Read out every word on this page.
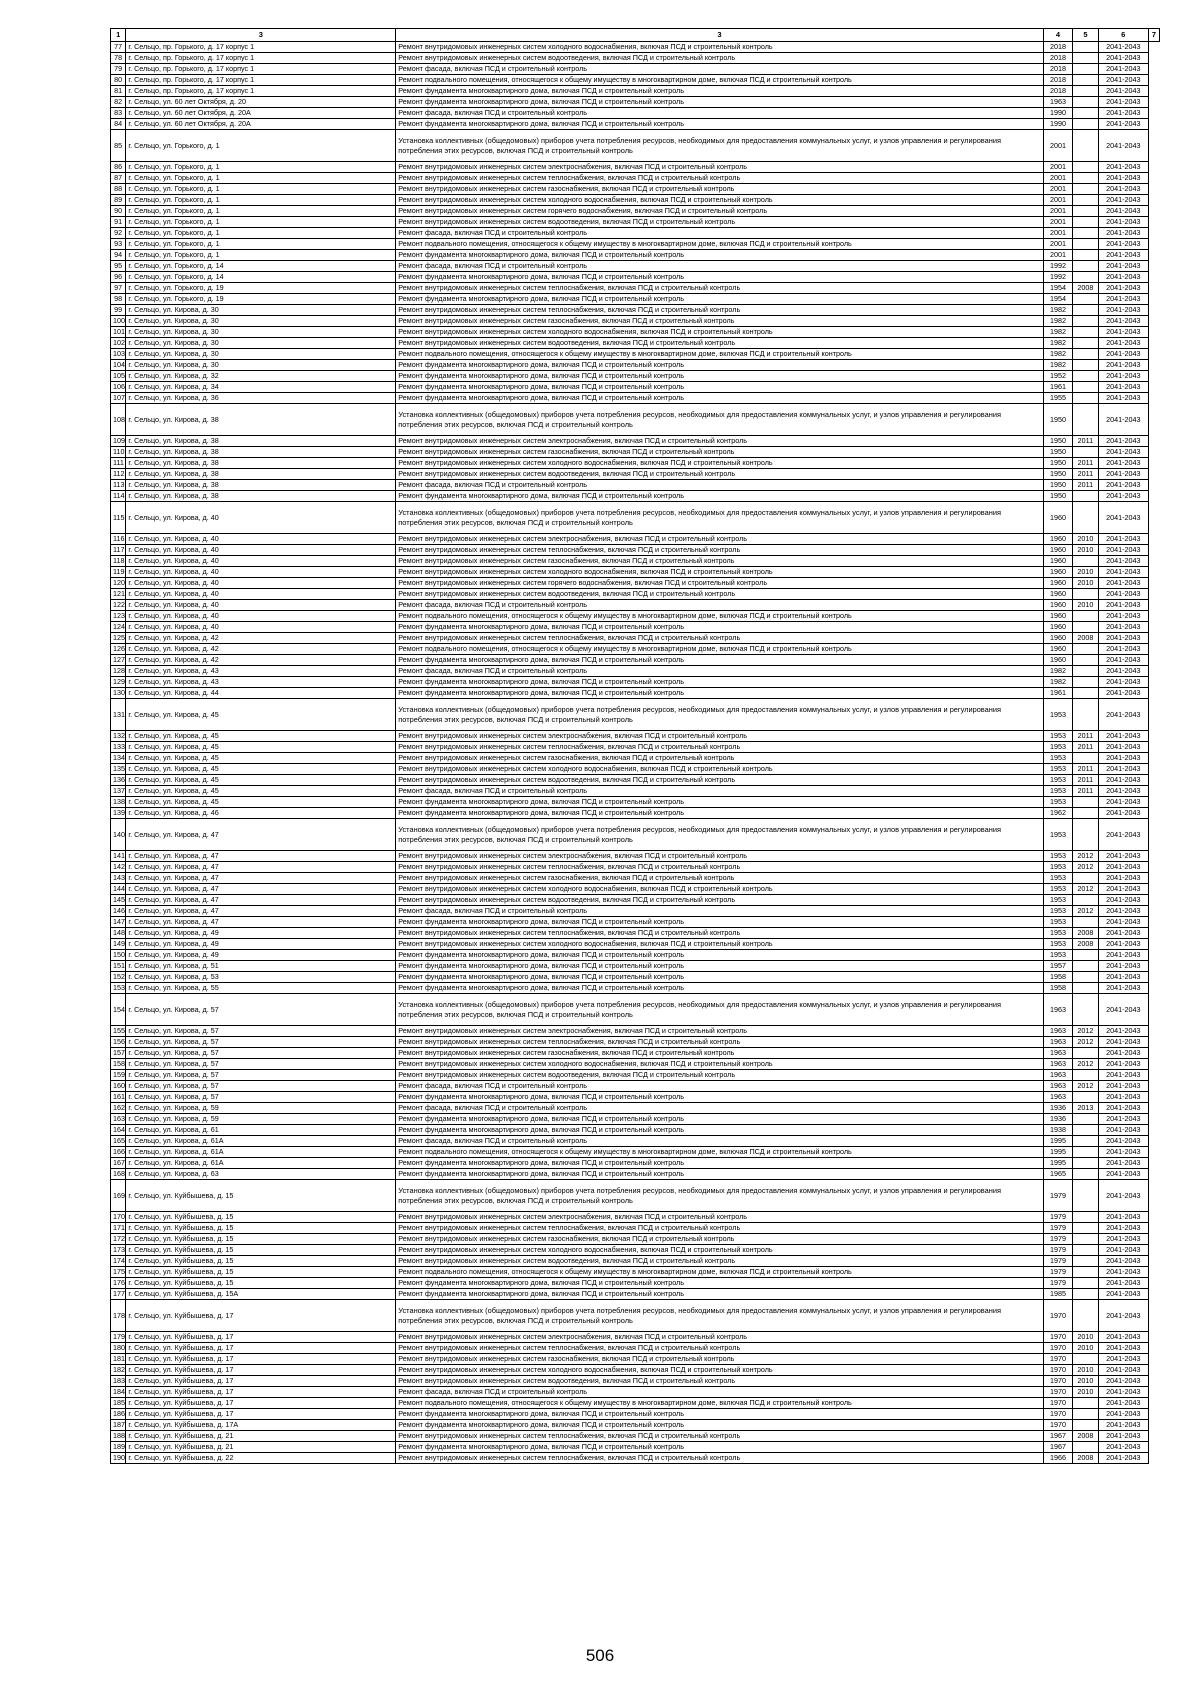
1	3	3	4	5	6	7
77	г. Сельцо, пр. Горького, д. 17 корпус 1	Ремонт внутридомовых инженерных систем холодного водоснабжения, включая ПСД и строительный контроль	2018		2041-2043	
78	г. Сельцо, пр. Горького, д. 17 корпус 1	Ремонт внутридомовых инженерных систем водоотведения, включая ПСД и строительный контроль	2018		2041-2043	
79	г. Сельцо, пр. Горького, д. 17 корпус 1	Ремонт фасада, включая ПСД и строительный контроль	2018		2041-2043	
80	г. Сельцо, пр. Горького, д. 17 корпус 1	Ремонт подвального помещения, относящегося к общему имуществу в многоквартирном доме, включая ПСД и строительный контроль	2018		2041-2043	
81	г. Сельцо, пр. Горького, д. 17 корпус 1	Ремонт фундамента многоквартирного дома, включая ПСД и строительный контроль	2018		2041-2043	
82	г. Сельцо, ул. 60 лет Октября, д. 20	Ремонт фундамента многоквартирного дома, включая ПСД и строительный контроль	1963		2041-2043	
83	г. Сельцо, ул. 60 лет Октября, д. 20А	Ремонт фасада, включая ПСД и строительный контроль	1990		2041-2043	
84	г. Сельцо, ул. 60 лет Октября, д. 20А	Ремонт фундамента многоквартирного дома, включая ПСД и строительный контроль	1990		2041-2043	
85	г. Сельцо, ул. Горького, д. 1	Установка коллективных (общедомовых) приборов учета потребления ресурсов, необходимых для предоставления коммунальных услуг, и узлов управления и регулирования потребления этих ресурсов, включая ПСД и строительный контроль	2001		2041-2043	
86	г. Сельцо, ул. Горького, д. 1	Ремонт внутридомовых инженерных систем электроснабжения, включая ПСД и строительный контроль	2001		2041-2043	
87	г. Сельцо, ул. Горького, д. 1	Ремонт внутридомовых инженерных систем теплоснабжения, включая ПСД и строительный контроль	2001		2041-2043	
88	г. Сельцо, ул. Горького, д. 1	Ремонт внутридомовых инженерных систем газоснабжения, включая ПСД и строительный контроль	2001		2041-2043	
89	г. Сельцо, ул. Горького, д. 1	Ремонт внутридомовых инженерных систем холодного водоснабжения, включая ПСД и строительный контроль	2001		2041-2043	
90	г. Сельцо, ул. Горького, д. 1	Ремонт внутридомовых инженерных систем горячего водоснабжения, включая ПСД и строительный контроль	2001		2041-2043	
91	г. Сельцо, ул. Горького, д. 1	Ремонт внутридомовых инженерных систем водоотведения, включая ПСД и строительный контроль	2001		2041-2043	
92	г. Сельцо, ул. Горького, д. 1	Ремонт фасада, включая ПСД и строительный контроль	2001		2041-2043	
93	г. Сельцо, ул. Горького, д. 1	Ремонт подвального помещения, относящегося к общему имуществу в многоквартирном доме, включая ПСД и строительный контроль	2001		2041-2043	
94	г. Сельцо, ул. Горького, д. 1	Ремонт фундамента многоквартирного дома, включая ПСД и строительный контроль	2001		2041-2043	
95	г. Сельцо, ул. Горького, д. 14	Ремонт фасада, включая ПСД и строительный контроль	1992		2041-2043	
96	г. Сельцо, ул. Горького, д. 14	Ремонт фундамента многоквартирного дома, включая ПСД и строительный контроль	1992		2041-2043	
97	г. Сельцо, ул. Горького, д. 19	Ремонт внутридомовых инженерных систем теплоснабжения, включая ПСД и строительный контроль	1954	2008	2041-2043	
98	г. Сельцо, ул. Горького, д. 19	Ремонт фундамента многоквартирного дома, включая ПСД и строительный контроль	1954		2041-2043	
99	г. Сельцо, ул. Кирова, д. 30	Ремонт внутридомовых инженерных систем теплоснабжения, включая ПСД и строительный контроль	1982		2041-2043	
100	г. Сельцо, ул. Кирова, д. 30	Ремонт внутридомовых инженерных систем газоснабжения, включая ПСД и строительный контроль	1982		2041-2043	
101	г. Сельцо, ул. Кирова, д. 30	Ремонт внутридомовых инженерных систем холодного водоснабжения, включая ПСД и строительный контроль	1982		2041-2043	
102	г. Сельцо, ул. Кирова, д. 30	Ремонт внутридомовых инженерных систем водоотведения, включая ПСД и строительный контроль	1982		2041-2043	
103	г. Сельцо, ул. Кирова, д. 30	Ремонт подвального помещения, относящегося к общему имуществу в многоквартирном доме, включая ПСД и строительный контроль	1982		2041-2043	
104	г. Сельцо, ул. Кирова, д. 30	Ремонт фундамента многоквартирного дома, включая ПСД и строительный контроль	1982		2041-2043	
105	г. Сельцо, ул. Кирова, д. 32	Ремонт фундамента многоквартирного дома, включая ПСД и строительный контроль	1952		2041-2043	
106	г. Сельцо, ул. Кирова, д. 34	Ремонт фундамента многоквартирного дома, включая ПСД и строительный контроль	1961		2041-2043	
107	г. Сельцо, ул. Кирова, д. 36	Ремонт фундамента многоквартирного дома, включая ПСД и строительный контроль	1955		2041-2043	
108	г. Сельцо, ул. Кирова, д. 38	Установка коллективных (общедомовых) приборов учета потребления ресурсов, необходимых для предоставления коммунальных услуг, и узлов управления и регулирования потребления этих ресурсов, включая ПСД и строительный контроль	1950		2041-2043	
109	г. Сельцо, ул. Кирова, д. 38	Ремонт внутридомовых инженерных систем электроснабжения, включая ПСД и строительный контроль	1950	2011	2041-2043	
110	г. Сельцо, ул. Кирова, д. 38	Ремонт внутридомовых инженерных систем газоснабжения, включая ПСД и строительный контроль	1950		2041-2043	
111	г. Сельцо, ул. Кирова, д. 38	Ремонт внутридомовых инженерных систем холодного водоснабжения, включая ПСД и строительный контроль	1950	2011	2041-2043	
112	г. Сельцо, ул. Кирова, д. 38	Ремонт внутридомовых инженерных систем водоотведения, включая ПСД и строительный контроль	1950	2011	2041-2043	
113	г. Сельцо, ул. Кирова, д. 38	Ремонт фасада, включая ПСД и строительный контроль	1950	2011	2041-2043	
114	г. Сельцо, ул. Кирова, д. 38	Ремонт фундамента многоквартирного дома, включая ПСД и строительный контроль	1950		2041-2043	
115	г. Сельцо, ул. Кирова, д. 40	Установка коллективных (общедомовых) приборов учета потребления ресурсов, необходимых для предоставления коммунальных услуг, и узлов управления и регулирования потребления этих ресурсов, включая ПСД и строительный контроль	1960		2041-2043	
116	г. Сельцо, ул. Кирова, д. 40	Ремонт внутридомовых инженерных систем электроснабжения, включая ПСД и строительный контроль	1960	2010	2041-2043	
117	г. Сельцо, ул. Кирова, д. 40	Ремонт внутридомовых инженерных систем теплоснабжения, включая ПСД и строительный контроль	1960	2010	2041-2043	
118	г. Сельцо, ул. Кирова, д. 40	Ремонт внутридомовых инженерных систем газоснабжения, включая ПСД и строительный контроль	1960		2041-2043	
119	г. Сельцо, ул. Кирова, д. 40	Ремонт внутридомовых инженерных систем холодного водоснабжения, включая ПСД и строительный контроль	1960	2010	2041-2043	
120	г. Сельцо, ул. Кирова, д. 40	Ремонт внутридомовых инженерных систем горячего водоснабжения, включая ПСД и строительный контроль	1960	2010	2041-2043	
121	г. Сельцо, ул. Кирова, д. 40	Ремонт внутридомовых инженерных систем водоотведения, включая ПСД и строительный контроль	1960		2041-2043	
122	г. Сельцо, ул. Кирова, д. 40	Ремонт фасада, включая ПСД и строительный контроль	1960	2010	2041-2043	
123	г. Сельцо, ул. Кирова, д. 40	Ремонт подвального помещения, относящегося к общему имуществу в многоквартирном доме, включая ПСД и строительный контроль	1960		2041-2043	
124	г. Сельцо, ул. Кирова, д. 40	Ремонт фундамента многоквартирного дома, включая ПСД и строительный контроль	1960		2041-2043	
125	г. Сельцо, ул. Кирова, д. 42	Ремонт внутридомовых инженерных систем теплоснабжения, включая ПСД и строительный контроль	1960	2008	2041-2043	
126	г. Сельцо, ул. Кирова, д. 42	Ремонт подвального помещения, относящегося к общему имуществу в многоквартирном доме, включая ПСД и строительный контроль	1960		2041-2043	
127	г. Сельцо, ул. Кирова, д. 42	Ремонт фундамента многоквартирного дома, включая ПСД и строительный контроль	1960		2041-2043	
128	г. Сельцо, ул. Кирова, д. 43	Ремонт фасада, включая ПСД и строительный контроль	1982		2041-2043	
129	г. Сельцо, ул. Кирова, д. 43	Ремонт фундамента многоквартирного дома, включая ПСД и строительный контроль	1982		2041-2043	
130	г. Сельцо, ул. Кирова, д. 44	Ремонт фундамента многоквартирного дома, включая ПСД и строительный контроль	1961		2041-2043	
131	г. Сельцо, ул. Кирова, д. 45	Установка коллективных (общедомовых) приборов учета потребления ресурсов, необходимых для предоставления коммунальных услуг, и узлов управления и регулирования потребления этих ресурсов, включая ПСД и строительный контроль	1953		2041-2043	
132	г. Сельцо, ул. Кирова, д. 45	Ремонт внутридомовых инженерных систем электроснабжения, включая ПСД и строительный контроль	1953	2011	2041-2043	
133	г. Сельцо, ул. Кирова, д. 45	Ремонт внутридомовых инженерных систем теплоснабжения, включая ПСД и строительный контроль	1953	2011	2041-2043	
134	г. Сельцо, ул. Кирова, д. 45	Ремонт внутридомовых инженерных систем газоснабжения, включая ПСД и строительный контроль	1953		2041-2043	
135	г. Сельцо, ул. Кирова, д. 45	Ремонт внутридомовых инженерных систем холодного водоснабжения, включая ПСД и строительный контроль	1953	2011	2041-2043	
136	г. Сельцо, ул. Кирова, д. 45	Ремонт внутридомовых инженерных систем водоотведения, включая ПСД и строительный контроль	1953	2011	2041-2043	
137	г. Сельцо, ул. Кирова, д. 45	Ремонт фасада, включая ПСД и строительный контроль	1953	2011	2041-2043	
138	г. Сельцо, ул. Кирова, д. 45	Ремонт фундамента многоквартирного дома, включая ПСД и строительный контроль	1953		2041-2043	
139	г. Сельцо, ул. Кирова, д. 46	Ремонт фундамента многоквартирного дома, включая ПСД и строительный контроль	1962		2041-2043	
140	г. Сельцо, ул. Кирова, д. 47	Установка коллективных (общедомовых) приборов учета потребления ресурсов, необходимых для предоставления коммунальных услуг, и узлов управления и регулирования потребления этих ресурсов, включая ПСД и строительный контроль	1953		2041-2043	
141	г. Сельцо, ул. Кирова, д. 47	Ремонт внутридомовых инженерных систем электроснабжения, включая ПСД и строительный контроль	1953	2012	2041-2043	
142	г. Сельцо, ул. Кирова, д. 47	Ремонт внутридомовых инженерных систем теплоснабжения, включая ПСД и строительный контроль	1953	2012	2041-2043	
143	г. Сельцо, ул. Кирова, д. 47	Ремонт внутридомовых инженерных систем газоснабжения, включая ПСД и строительный контроль	1953		2041-2043	
144	г. Сельцо, ул. Кирова, д. 47	Ремонт внутридомовых инженерных систем холодного водоснабжения, включая ПСД и строительный контроль	1953	2012	2041-2043	
145	г. Сельцо, ул. Кирова, д. 47	Ремонт внутридомовых инженерных систем водоотведения, включая ПСД и строительный контроль	1953		2041-2043	
146	г. Сельцо, ул. Кирова, д. 47	Ремонт фасада, включая ПСД и строительный контроль	1953	2012	2041-2043	
147	г. Сельцо, ул. Кирова, д. 47	Ремонт фундамента многоквартирного дома, включая ПСД и строительный контроль	1953		2041-2043	
148	г. Сельцо, ул. Кирова, д. 49	Ремонт внутридомовых инженерных систем теплоснабжения, включая ПСД и строительный контроль	1953	2008	2041-2043	
149	г. Сельцо, ул. Кирова, д. 49	Ремонт внутридомовых инженерных систем холодного водоснабжения, включая ПСД и строительный контроль	1953	2008	2041-2043	
150	г. Сельцо, ул. Кирова, д. 49	Ремонт фундамента многоквартирного дома, включая ПСД и строительный контроль	1953		2041-2043	
151	г. Сельцо, ул. Кирова, д. 51	Ремонт фундамента многоквартирного дома, включая ПСД и строительный контроль	1957		2041-2043	
152	г. Сельцо, ул. Кирова, д. 53	Ремонт фундамента многоквартирного дома, включая ПСД и строительный контроль	1958		2041-2043	
153	г. Сельцо, ул. Кирова, д. 55	Ремонт фундамента многоквартирного дома, включая ПСД и строительный контроль	1958		2041-2043	
154	г. Сельцо, ул. Кирова, д. 57	Установка коллективных (общедомовых) приборов учета потребления ресурсов, необходимых для предоставления коммунальных услуг, и узлов управления и регулирования потребления этих ресурсов, включая ПСД и строительный контроль	1963		2041-2043	
155	г. Сельцо, ул. Кирова, д. 57	Ремонт внутридомовых инженерных систем электроснабжения, включая ПСД и строительный контроль	1963	2012	2041-2043	
156	г. Сельцо, ул. Кирова, д. 57	Ремонт внутридомовых инженерных систем теплоснабжения, включая ПСД и строительный контроль	1963	2012	2041-2043	
157	г. Сельцо, ул. Кирова, д. 57	Ремонт внутридомовых инженерных систем газоснабжения, включая ПСД и строительный контроль	1963		2041-2043	
158	г. Сельцо, ул. Кирова, д. 57	Ремонт внутридомовых инженерных систем холодного водоснабжения, включая ПСД и строительный контроль	1963	2012	2041-2043	
159	г. Сельцо, ул. Кирова, д. 57	Ремонт внутридомовых инженерных систем водоотведения, включая ПСД и строительный контроль	1963		2041-2043	
160	г. Сельцо, ул. Кирова, д. 57	Ремонт фасада, включая ПСД и строительный контроль	1963	2012	2041-2043	
161	г. Сельцо, ул. Кирова, д. 57	Ремонт фундамента многоквартирного дома, включая ПСД и строительный контроль	1963		2041-2043	
162	г. Сельцо, ул. Кирова, д. 59	Ремонт фасада, включая ПСД и строительный контроль	1936	2013	2041-2043	
163	г. Сельцо, ул. Кирова, д. 59	Ремонт фундамента многоквартирного дома, включая ПСД и строительный контроль	1936		2041-2043	
164	г. Сельцо, ул. Кирова, д. 61	Ремонт фундамента многоквартирного дома, включая ПСД и строительный контроль	1938		2041-2043	
165	г. Сельцо, ул. Кирова, д. 61А	Ремонт фасада, включая ПСД и строительный контроль	1995		2041-2043	
166	г. Сельцо, ул. Кирова, д. 61А	Ремонт подвального помещения, относящегося к общему имуществу в многоквартирном доме, включая ПСД и строительный контроль	1995		2041-2043	
167	г. Сельцо, ул. Кирова, д. 61А	Ремонт фундамента многоквартирного дома, включая ПСД и строительный контроль	1995		2041-2043	
168	г. Сельцо, ул. Кирова, д. 63	Ремонт фундамента многоквартирного дома, включая ПСД и строительный контроль	1965		2041-2043	
169	г. Сельцо, ул. Куйбышева, д. 15	Установка коллективных (общедомовых) приборов учета потребления ресурсов, необходимых для предоставления коммунальных услуг, и узлов управления и регулирования потребления этих ресурсов, включая ПСД и строительный контроль	1979		2041-2043	
170	г. Сельцо, ул. Куйбышева, д. 15	Ремонт внутридомовых инженерных систем электроснабжения, включая ПСД и строительный контроль	1979		2041-2043	
171	г. Сельцо, ул. Куйбышева, д. 15	Ремонт внутридомовых инженерных систем теплоснабжения, включая ПСД и строительный контроль	1979		2041-2043	
172	г. Сельцо, ул. Куйбышева, д. 15	Ремонт внутридомовых инженерных систем газоснабжения, включая ПСД и строительный контроль	1979		2041-2043	
173	г. Сельцо, ул. Куйбышева, д. 15	Ремонт внутридомовых инженерных систем холодного водоснабжения, включая ПСД и строительный контроль	1979		2041-2043	
174	г. Сельцо, ул. Куйбышева, д. 15	Ремонт внутридомовых инженерных систем водоотведения, включая ПСД и строительный контроль	1979		2041-2043	
175	г. Сельцо, ул. Куйбышева, д. 15	Ремонт подвального помещения, относящегося к общему имуществу в многоквартирном доме, включая ПСД и строительный контроль	1979		2041-2043	
176	г. Сельцо, ул. Куйбышева, д. 15	Ремонт фундамента многоквартирного дома, включая ПСД и строительный контроль	1979		2041-2043	
177	г. Сельцо, ул. Куйбышева, д. 15А	Ремонт фундамента многоквартирного дома, включая ПСД и строительный контроль	1985		2041-2043	
178	г. Сельцо, ул. Куйбышева, д. 17	Установка коллективных (общедомовых) приборов учета потребления ресурсов, необходимых для предоставления коммунальных услуг, и узлов управления и регулирования потребления этих ресурсов, включая ПСД и строительный контроль	1970		2041-2043	
179	г. Сельцо, ул. Куйбышева, д. 17	Ремонт внутридомовых инженерных систем электроснабжения, включая ПСД и строительный контроль	1970	2010	2041-2043	
180	г. Сельцо, ул. Куйбышева, д. 17	Ремонт внутридомовых инженерных систем теплоснабжения, включая ПСД и строительный контроль	1970	2010	2041-2043	
181	г. Сельцо, ул. Куйбышева, д. 17	Ремонт внутридомовых инженерных систем газоснабжения, включая ПСД и строительный контроль	1970		2041-2043	
182	г. Сельцо, ул. Куйбышева, д. 17	Ремонт внутридомовых инженерных систем холодного водоснабжения, включая ПСД и строительный контроль	1970	2010	2041-2043	
183	г. Сельцо, ул. Куйбышева, д. 17	Ремонт внутридомовых инженерных систем водоотведения, включая ПСД и строительный контроль	1970	2010	2041-2043	
184	г. Сельцо, ул. Куйбышева, д. 17	Ремонт фасада, включая ПСД и строительный контроль	1970	2010	2041-2043	
185	г. Сельцо, ул. Куйбышева, д. 17	Ремонт подвального помещения, относящегося к общему имуществу в многоквартирном доме, включая ПСД и строительный контроль	1970		2041-2043	
186	г. Сельцо, ул. Куйбышева, д. 17	Ремонт фундамента многоквартирного дома, включая ПСД и строительный контроль	1970		2041-2043	
187	г. Сельцо, ул. Куйбышева, д. 17А	Ремонт фундамента многоквартирного дома, включая ПСД и строительный контроль	1970		2041-2043	
188	г. Сельцо, ул. Куйбышева, д. 21	Ремонт внутридомовых инженерных систем теплоснабжения, включая ПСД и строительный контроль	1967	2008	2041-2043	
189	г. Сельцо, ул. Куйбышева, д. 21	Ремонт фундамента многоквартирного дома, включая ПСД и строительный контроль	1967		2041-2043	
190	г. Сельцо, ул. Куйбышева, д. 22	Ремонт внутридомовых инженерных систем теплоснабжения, включая ПСД и строительный контроль	1966	2008	2041-2043	
506
